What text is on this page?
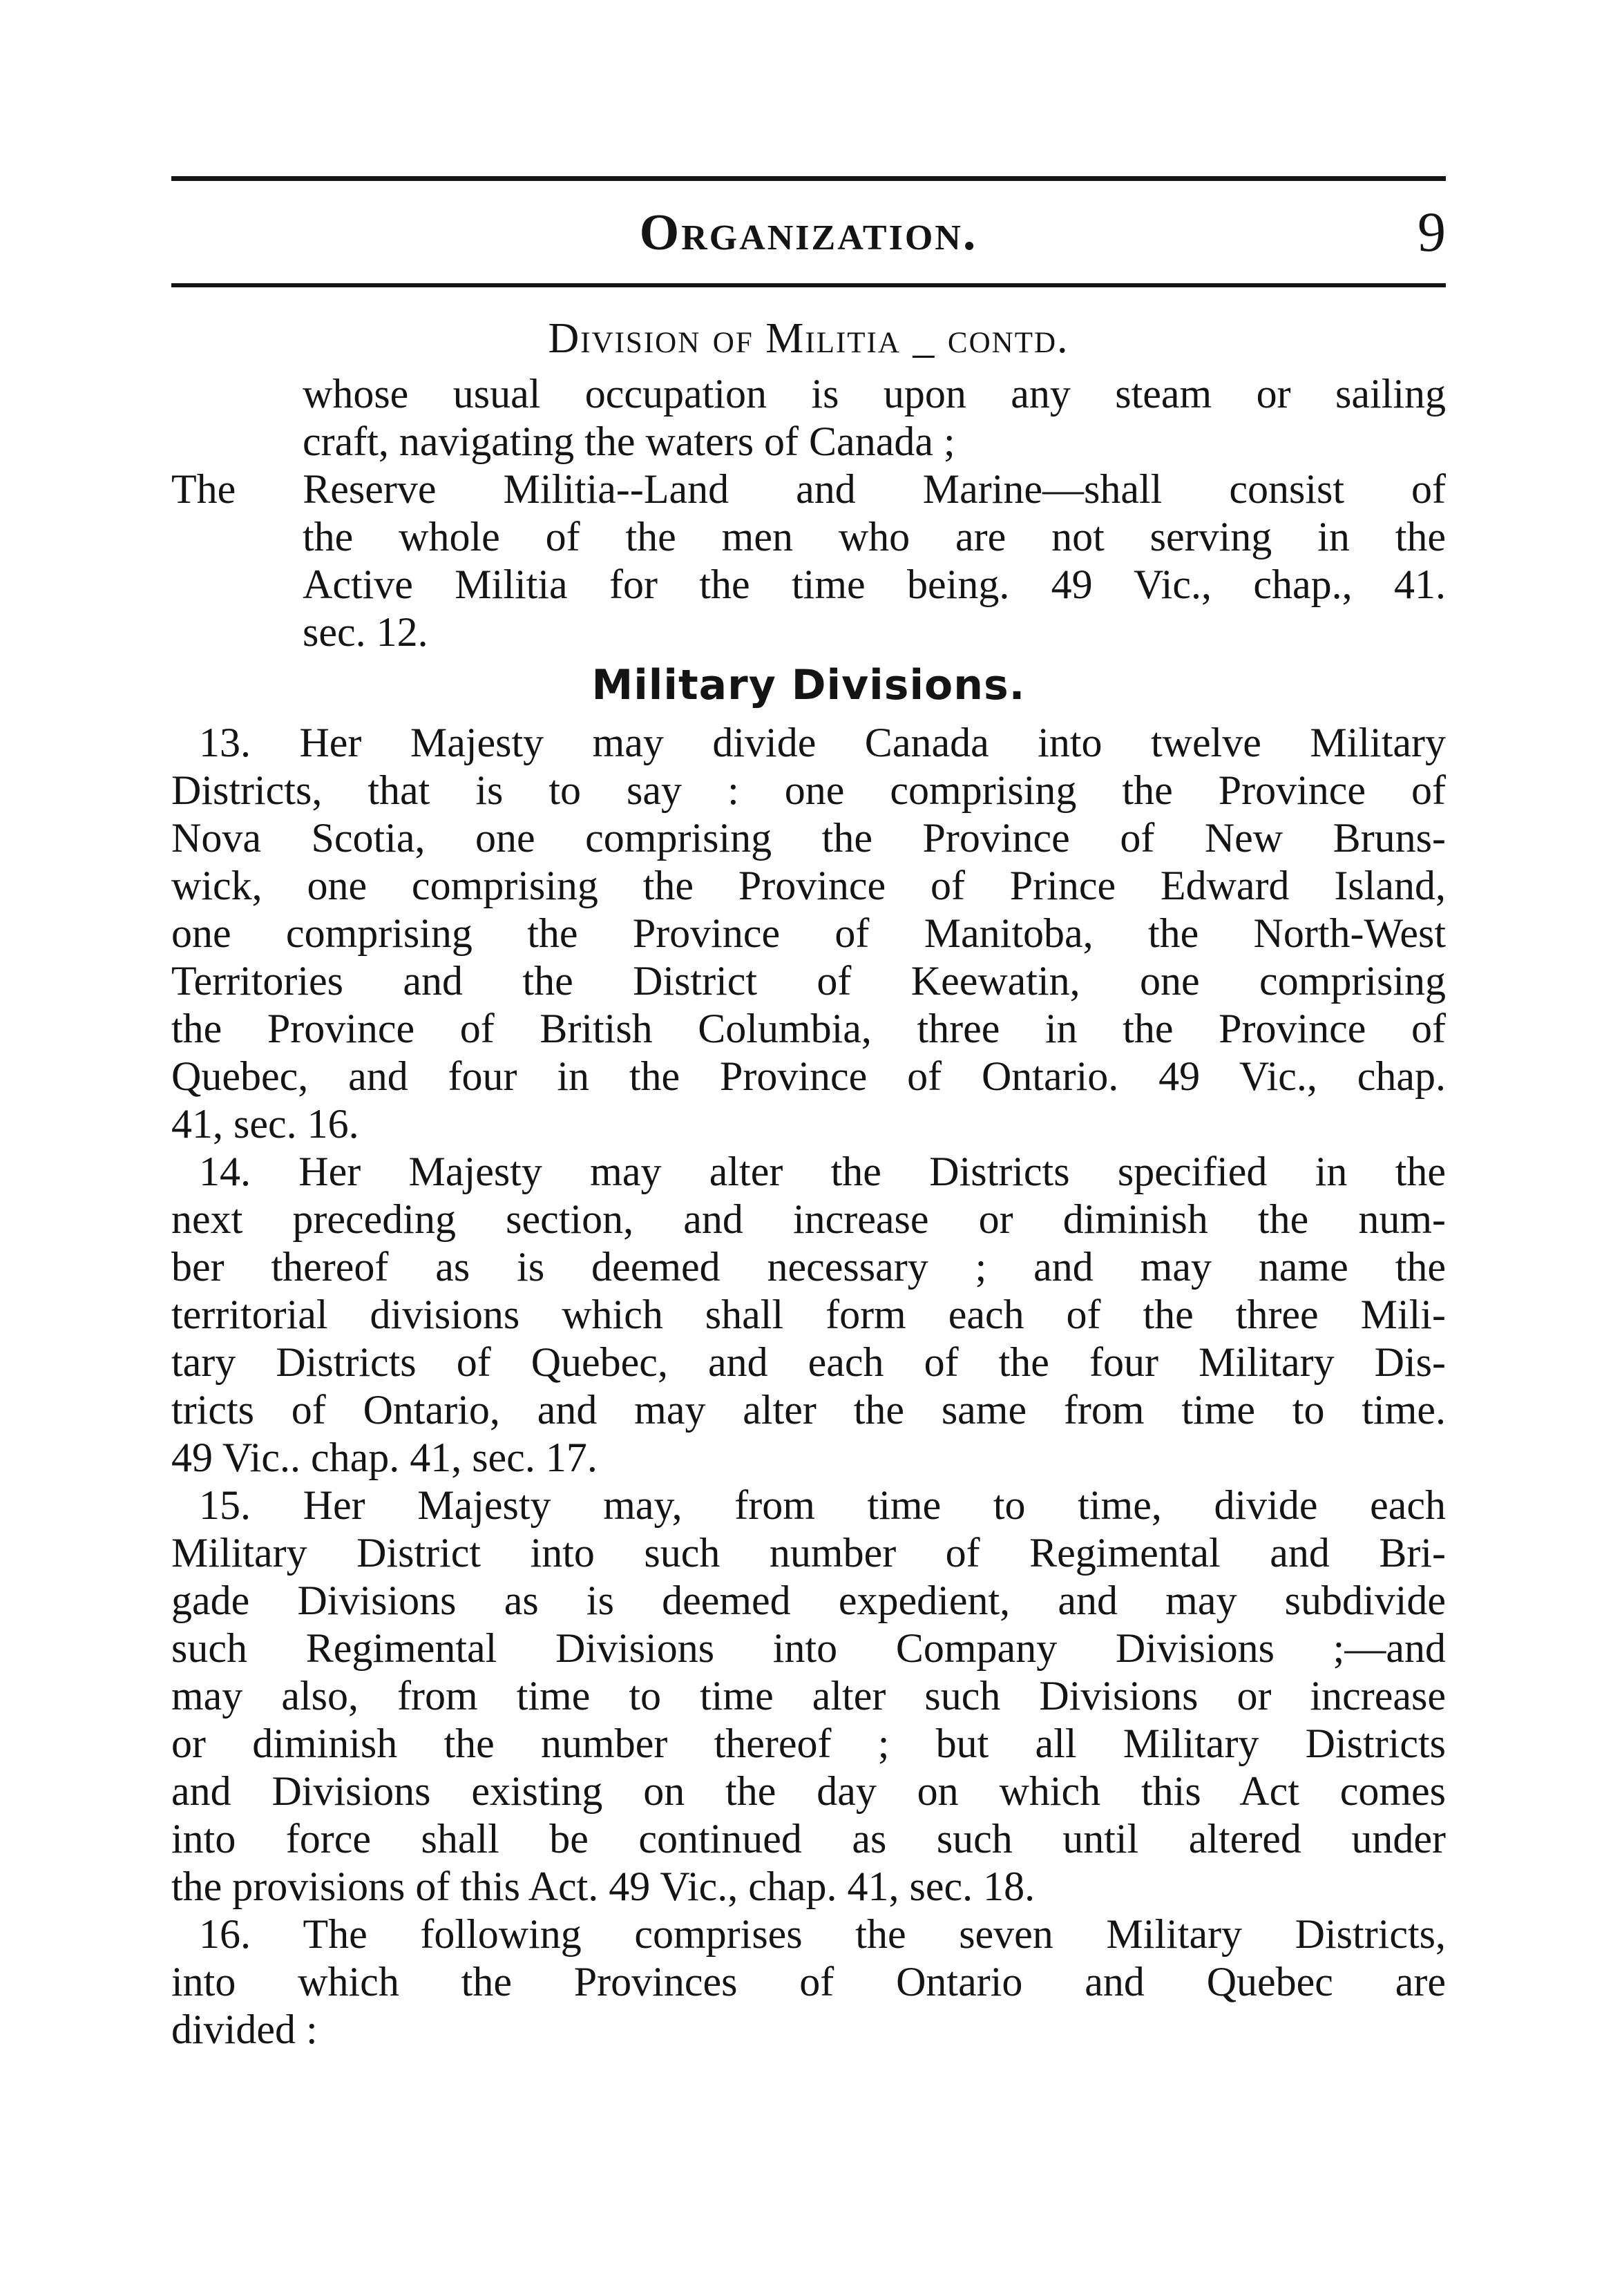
Organization.	9
Division of Militia _ contd.
whose usual occupation is upon any steam or sailing
craft, navigating the waters of Canada ;
The Reserve Militia--Land and Marine—shall consist of
the whole of the men who are not serving in the
Active Militia for the time being. 49 Vic., chap., 41.
sec. 12.
Military Divisions.
13. Her Majesty may divide Canada into twelve Military
Districts, that is to say : one comprising the Province of
Nova Scotia, one comprising the Province of New Bruns-
wick, one comprising the Province of Prince Edward Island,
one comprising the Province of Manitoba, the North-West
Territories and the District of Keewatin, one comprising
the Province of British Columbia, three in the Province of
Quebec, and four in the Province of Ontario. 49 Vic., chap.
41, sec. 16.
14. Her Majesty may alter the Districts specified in the
next preceding section, and increase or diminish the num-
ber thereof as is deemed necessary ; and may name the
territorial divisions which shall form each of the three Mili-
tary Districts of Quebec, and each of the four Military Dis-
tricts of Ontario, and may alter the same from time to time.
49 Vic.. chap. 41, sec. 17.
15. Her Majesty may, from time to time, divide each
Military District into such number of Regimental and Bri-
gade Divisions as is deemed expedient, and may subdivide
such Regimental Divisions into Company Divisions ;—and
may also, from time to time alter such Divisions or increase
or diminish the number thereof ; but all Military Districts
and Divisions existing on the day on which this Act comes
into force shall be continued as such until altered under
the provisions of this Act. 49 Vic., chap. 41, sec. 18.
16. The following comprises the seven Military Districts,
into which the Provinces of Ontario and Quebec are
divided :
